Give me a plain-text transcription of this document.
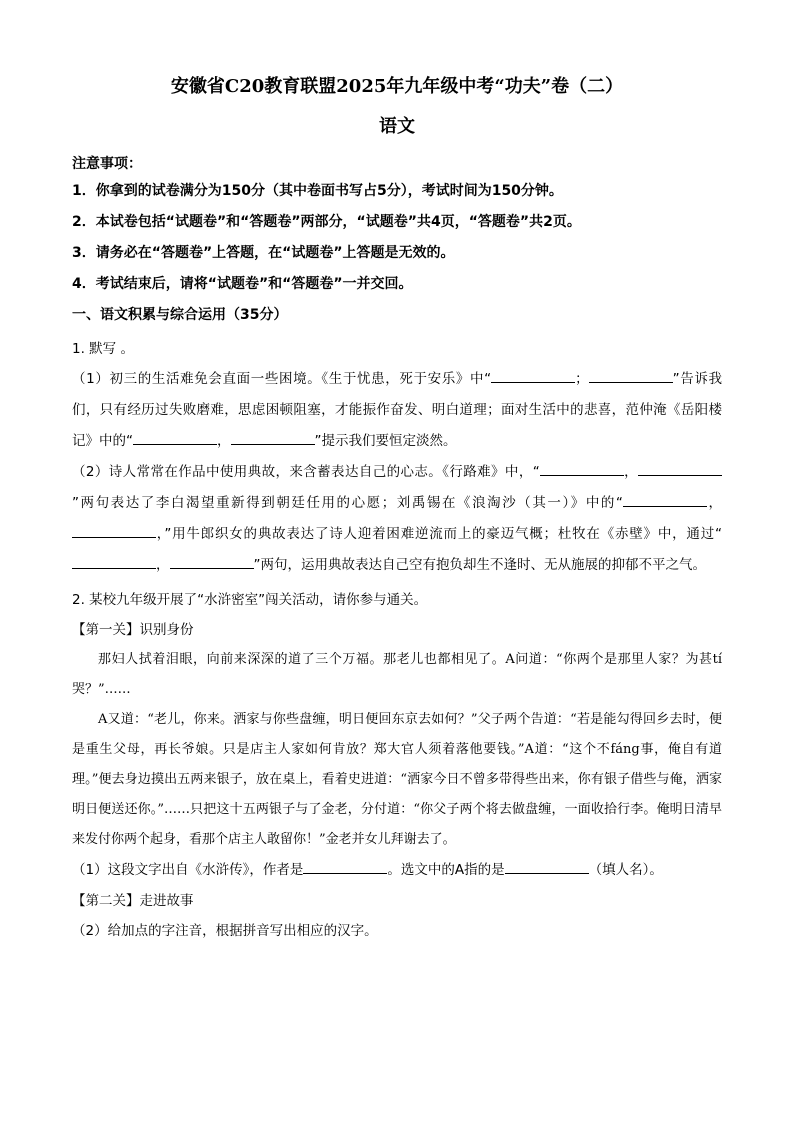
安徽省C20教育联盟2025年九年级中考“功夫”卷（二）
语文
注意事项：
1．你拿到的试卷满分为150分（其中卷面书写占5分），考试时间为150分钟。
2．本试卷包括“试题卷”和“答题卷”两部分，“试题卷”共4页，“答题卷”共2页。
3．请务必在“答题卷”上答题，在“试题卷”上答题是无效的。
4．考试结束后，请将“试题卷”和“答题卷”一并交回。
一、语文积累与综合运用（35分）
1. 默写 。
（1）初三的生活难免会直面一些困境。《生于忧患，死于安乐》中“	；	”告诉我们，只有经历过失败磨难，思虑困顿阻塞，才能振作奋发、明白道理；面对生活中的悲喜，范仲淹《岳阳楼记》中的“	，	”提示我们要恒定淡然。
（2）诗人常常在作品中使用典故，来含蓄表达自己的心志。《行路难》中，“	，”两句表达了李白渴望重新得到朝廷任用的心愿；刘禹锡在《浪淘沙（其一）》中的“	，，”用牛郎织女的典故表达了诗人迎着困难逆流而上的豪迈气概；杜牧在《赤壁》中，通过“，	”两句，运用典故表达自己空有抱负却生不逢时、无从施展的抑郁不平之气。
2. 某校九年级开展了“水浒密室”闯关活动，请你参与通关。
【第一关】识别身份
那妇人拭着泪眼，向前来深深的道了三个万福。那老儿也都相见了。A问道：“你两个是那里人家？为甚tí哭？”……
A又道：“老儿，你来。洒家与你些盘缠，明日便回东京去如何？”父子两个告道：“若是能勾得回乡去时，便是重生父母，再长爷娘。只是店主人家如何肯放？郑大官人须着落他要钱。”A道：“这个不fáng事，俺自有道理。”便去身边摸出五两来银子，放在桌上，看着史进道：“洒家今日不曾多带得些出来，你有银子借些与俺，洒家明日便送还你。”……只把这十五两银子与了金老，分付道：“你父子两个将去做盘缠，一面收拾行李。俺明日清早来发付你两个起身，看那个店主人敢留你！”金老并女儿拜谢去了。
（1）这段文字出自《水浒传》，作者是	。选文中的A指的是	（填人名）。
【第二关】走进故事
（2）给加点的字注音，根据拼音写出相应的汉字。
